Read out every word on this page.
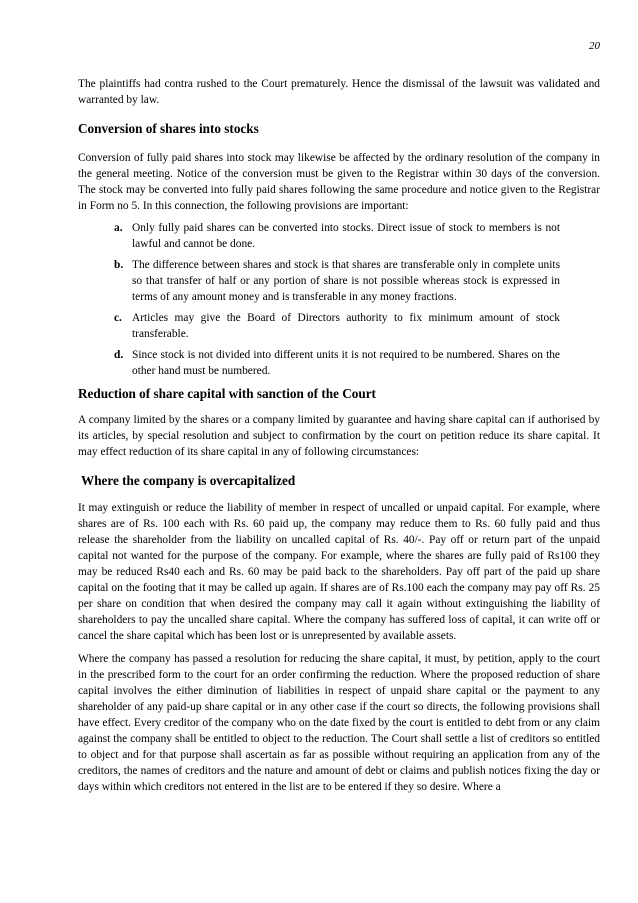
20

The plaintiffs had contra rushed to the Court prematurely. Hence the dismissal of the lawsuit was validated and warranted by law.

Conversion of shares into stocks

Conversion of fully paid shares into stock may likewise be affected by the ordinary resolution of the company in the general meeting. Notice of the conversion must be given to the Registrar within 30 days of the conversion. The stock may be converted into fully paid shares following the same procedure and notice given to the Registrar in Form no 5. In this connection, the following provisions are important:

a. Only fully paid shares can be converted into stocks. Direct issue of stock to members is not lawful and cannot be done.
b. The difference between shares and stock is that shares are transferable only in complete units so that transfer of half or any portion of share is not possible whereas stock is expressed in terms of any amount money and is transferable in any money fractions.
c. Articles may give the Board of Directors authority to fix minimum amount of stock transferable.
d. Since stock is not divided into different units it is not required to be numbered. Shares on the other hand must be numbered.
Reduction of share capital with sanction of the Court

A company limited by the shares or a company limited by guarantee and having share capital can if authorised by its articles, by special resolution and subject to confirmation by the court on petition reduce its share capital. It may effect reduction of its share capital in any of following circumstances:

Where the company is overcapitalized

It may extinguish or reduce the liability of member in respect of uncalled or unpaid capital. For example, where shares are of Rs. 100 each with Rs. 60 paid up, the company may reduce them to Rs. 60 fully paid and thus release the shareholder from the liability on uncalled capital of Rs. 40/-. Pay off or return part of the unpaid capital not wanted for the purpose of the company. For example, where the shares are fully paid of Rs100 they may be reduced Rs40 each and Rs. 60 may be paid back to the shareholders. Pay off part of the paid up share capital on the footing that it may be called up again. If shares are of Rs.100 each the company may pay off Rs. 25 per share on condition that when desired the company may call it again without extinguishing the liability of shareholders to pay the uncalled share capital. Where the company has suffered loss of capital, it can write off or cancel the share capital which has been lost or is unrepresented by available assets.

Where the company has passed a resolution for reducing the share capital, it must, by petition, apply to the court in the prescribed form to the court for an order confirming the reduction. Where the proposed reduction of share capital involves the either diminution of liabilities in respect of unpaid share capital or the payment to any shareholder of any paid-up share capital or in any other case if the court so directs, the following provisions shall have effect. Every creditor of the company who on the date fixed by the court is entitled to debt from or any claim against the company shall be entitled to object to the reduction. The Court shall settle a list of creditors so entitled to object and for that purpose shall ascertain as far as possible without requiring an application from any of the creditors, the names of creditors and the nature and amount of debt or claims and publish notices fixing the day or days within which creditors not entered in the list are to be entered if they so desire. Where a
